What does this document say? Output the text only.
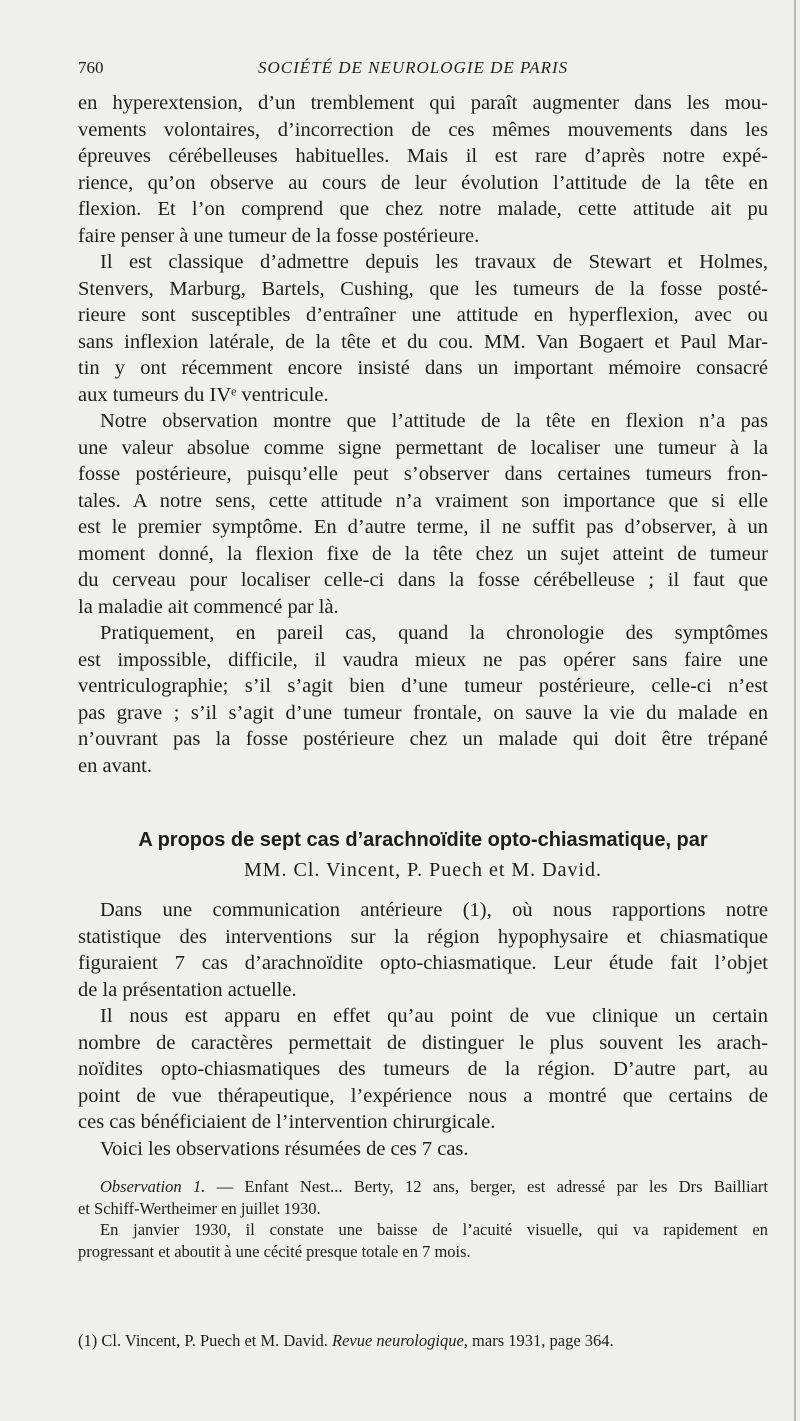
760	SOCIÉTÉ DE NEUROLOGIE DE PARIS
en hyperextension, d’un tremblement qui paraît augmenter dans les mou-
vements volontaires, d’incorrection de ces mêmes mouvements dans les
épreuves cérébelleuses habituelles. Mais il est rare d’après notre expé-
rience, qu’on observe au cours de leur évolution l’attitude de la tête en
flexion. Et l’on comprend que chez notre malade, cette attitude ait pu
faire penser à une tumeur de la fosse postérieure.
Il est classique d’admettre depuis les travaux de Stewart et Holmes,
Stenvers, Marburg, Bartels, Cushing, que les tumeurs de la fosse posté-
rieure sont susceptibles d’entraîner une attitude en hyperflexion, avec ou
sans inflexion latérale, de la tête et du cou. MM. Van Bogaert et Paul Mar-
tin y ont récemment encore insisté dans un important mémoire consacré
aux tumeurs du IVᵉ ventricule.
Notre observation montre que l’attitude de la tête en flexion n’a pas
une valeur absolue comme signe permettant de localiser une tumeur à la
fosse postérieure, puisqu’elle peut s’observer dans certaines tumeurs fron-
tales. A notre sens, cette attitude n’a vraiment son importance que si elle
est le premier symptôme. En d’autre terme, il ne suffit pas d’observer, à un
moment donné, la flexion fixe de la tête chez un sujet atteint de tumeur
du cerveau pour localiser celle-ci dans la fosse cérébelleuse ; il faut que
la maladie ait commencé par là.
Pratiquement, en pareil cas, quand la chronologie des symptômes
est impossible, difficile, il vaudra mieux ne pas opérer sans faire une
ventriculographie; s’il s’agit bien d’une tumeur postérieure, celle-ci n’est
pas grave ; s’il s’agit d’une tumeur frontale, on sauve la vie du malade en
n’ouvrant pas la fosse postérieure chez un malade qui doit être trépané
en avant.
A propos de sept cas d’arachnoïdite opto-chiasmatique, par
MM. Cl. Vincent, P. Puech et M. David.
Dans une communication antérieure (1), où nous rapportions notre
statistique des interventions sur la région hypophysaire et chiasmatique
figuraient 7 cas d’arachnoïdite opto-chiasmatique. Leur étude fait l’objet
de la présentation actuelle.
Il nous est apparu en effet qu’au point de vue clinique un certain
nombre de caractères permettait de distinguer le plus souvent les arach-
noïdites opto-chiasmatiques des tumeurs de la région. D’autre part, au
point de vue thérapeutique, l’expérience nous a montré que certains de
ces cas bénéficiaient de l’intervention chirurgicale.
Voici les observations résumées de ces 7 cas.
Observation 1. — Enfant Nest... Berty, 12 ans, berger, est adressé par les Drs Bailliart
et Schiff-Wertheimer en juillet 1930.
En janvier 1930, il constate une baisse de l’acuité visuelle, qui va rapidement en
progressant et aboutit à une cécité presque totale en 7 mois.
(1) Cl. Vincent, P. Puech et M. David. Revue neurologique, mars 1931, page 364.
